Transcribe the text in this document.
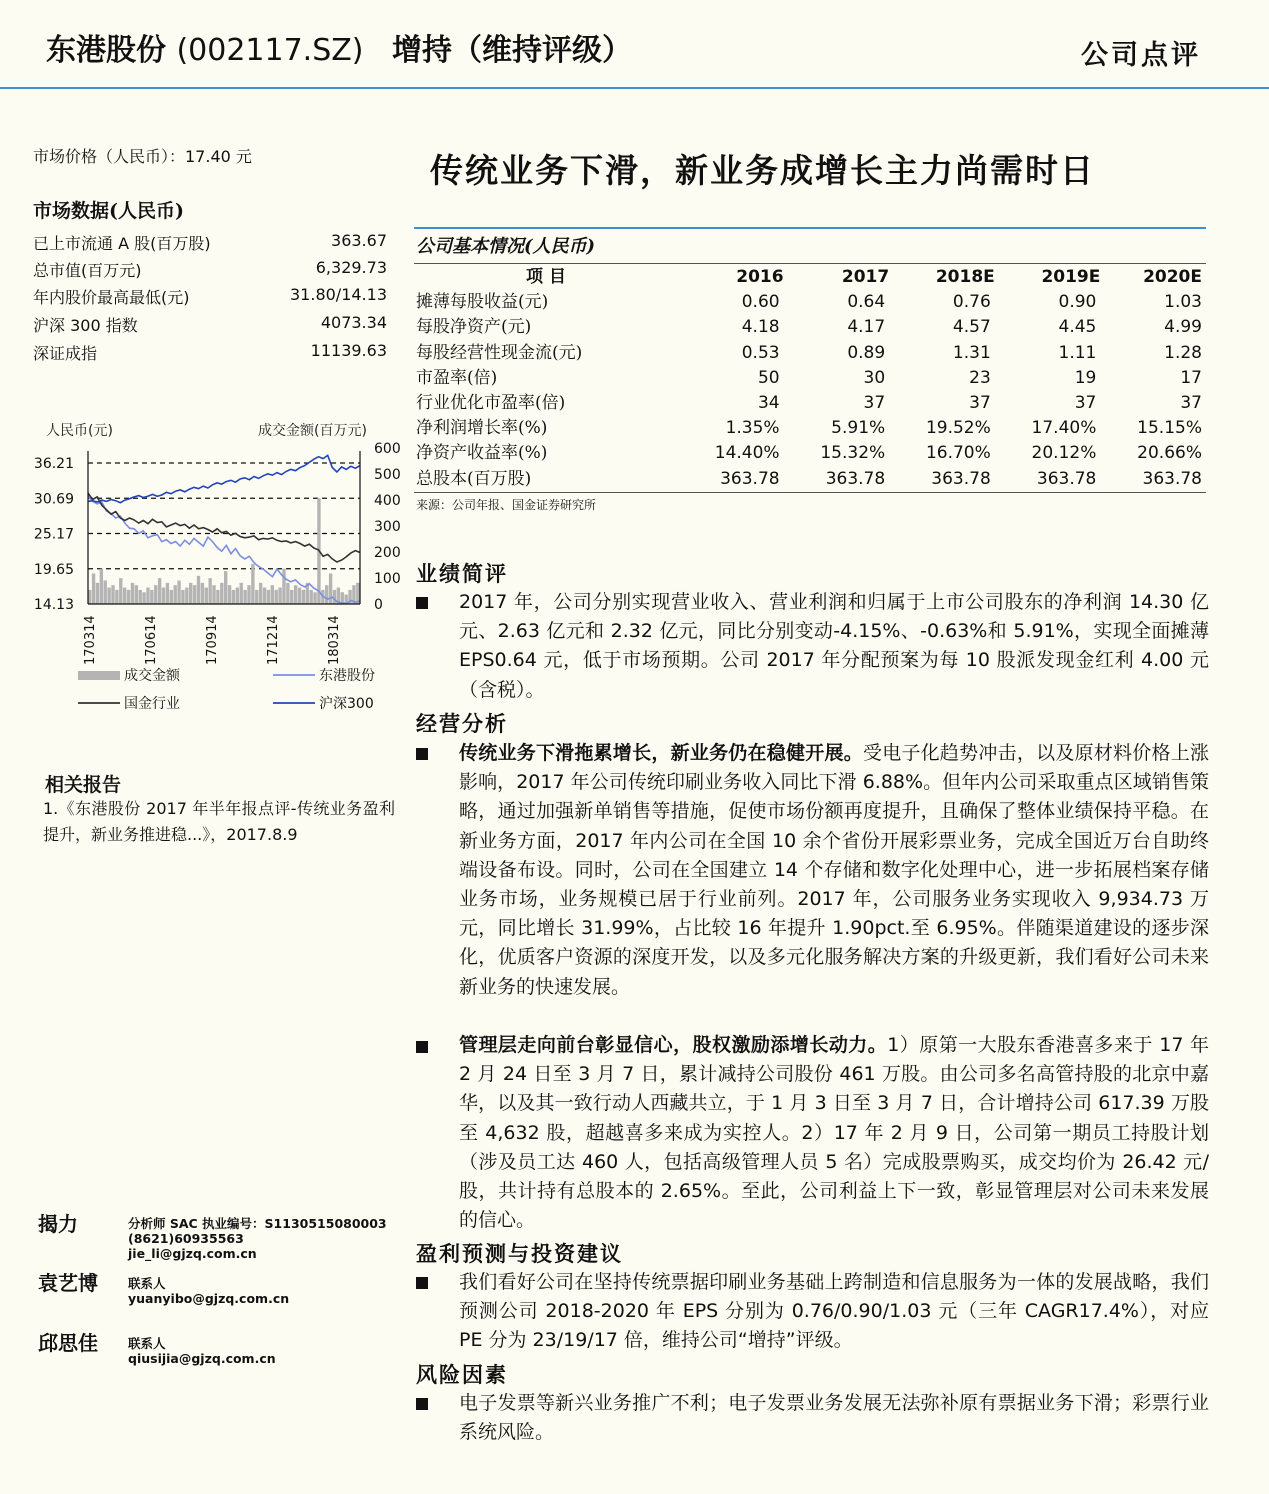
东港股份 (002117.SZ) 增持（维持评级）	公司点评
市场价格（人民币）：17.40 元
市场数据(人民币)
已上市流通 A 股(百万股)	363.67
总市值(百万元)	6,329.73
年内股价最高最低(元)	31.80/14.13
沪深 300 指数	4073.34
深证成指	11139.63
人民币(元)	成交金额(百万元)
36.21
30.69
25.17
19.65
14.13
600
500
400
300
200
100
0
170314	170614	170914	171214	180314
成交金额	东港股份
国金行业	沪深300
相关报告
1.《东港股份 2017 年半年报点评-传统业务盈利提升，新业务推进稳...》，2017.8.9
揭力	分析师 SAC 执业编号：S1130515080003
(8621)60935563
jie_li@gjzq.com.cn
袁艺博 联系人
yuanyibo@gjzq.com.cn
邱思佳 联系人
qiusijia@gjzq.com.cn
传统业务下滑，新业务成增长主力尚需时日
公司基本情况(人民币)
项 目	2016	2017	2018E	2019E	2020E
摊薄每股收益(元)	0.60	0.64	0.76	0.90	1.03
每股净资产(元)	4.18	4.17	4.57	4.45	4.99
每股经营性现金流(元)	0.53	0.89	1.31	1.11	1.28
市盈率(倍)	50	30	23	19	17
行业优化市盈率(倍)	34	37	37	37	37
净利润增长率(%)	1.35%	5.91%	19.52%	17.40%	15.15%
净资产收益率(%)	14.40%	15.32%	16.70%	20.12%	20.66%
总股本(百万股)	363.78	363.78	363.78	363.78	363.78
来源：公司年报、国金证券研究所
业绩简评
2017 年，公司分别实现营业收入、营业利润和归属于上市公司股东的净利润 14.30 亿元、2.63 亿元和 2.32 亿元，同比分别变动-4.15%、-0.63%和 5.91%，实现全面摊薄 EPS0.64 元，低于市场预期。公司 2017 年分配预案为每 10 股派发现金红利 4.00 元（含税）。
经营分析
传统业务下滑拖累增长，新业务仍在稳健开展。受电子化趋势冲击，以及原材料价格上涨影响，2017 年公司传统印刷业务收入同比下滑 6.88%。但年内公司采取重点区域销售策略，通过加强新单销售等措施，促使市场份额再度提升，且确保了整体业绩保持平稳。在新业务方面，2017 年内公司在全国 10 余个省份开展彩票业务，完成全国近万台自助终端设备布设。同时，公司在全国建立 14 个存储和数字化处理中心，进一步拓展档案存储业务市场，业务规模已居于行业前列。2017 年，公司服务业务实现收入 9,934.73 万元，同比增长 31.99%，占比较 16 年提升 1.90pct.至 6.95%。伴随渠道建设的逐步深化，优质客户资源的深度开发，以及多元化服务解决方案的升级更新，我们看好公司未来新业务的快速发展。
管理层走向前台彰显信心，股权激励添增长动力。1）原第一大股东香港喜多来于 17 年 2 月 24 日至 3 月 7 日，累计减持公司股份 461 万股。由公司多名高管持股的北京中嘉华，以及其一致行动人西藏共立，于 1 月 3 日至 3 月 7 日，合计增持公司 617.39 万股至 4,632 股，超越喜多来成为实控人。2）17 年 2 月 9 日，公司第一期员工持股计划（涉及员工达 460 人，包括高级管理人员 5 名）完成股票购买，成交均价为 26.42 元/股，共计持有总股本的 2.65%。至此，公司利益上下一致，彰显管理层对公司未来发展的信心。
盈利预测与投资建议
我们看好公司在坚持传统票据印刷业务基础上跨制造和信息服务为一体的发展战略，我们预测公司 2018-2020 年 EPS 分别为 0.76/0.90/1.03 元（三年 CAGR17.4%），对应 PE 分为 23/19/17 倍，维持公司“增持”评级。
风险因素
电子发票等新兴业务推广不利；电子发票业务发展无法弥补原有票据业务下滑；彩票行业系统风险。
